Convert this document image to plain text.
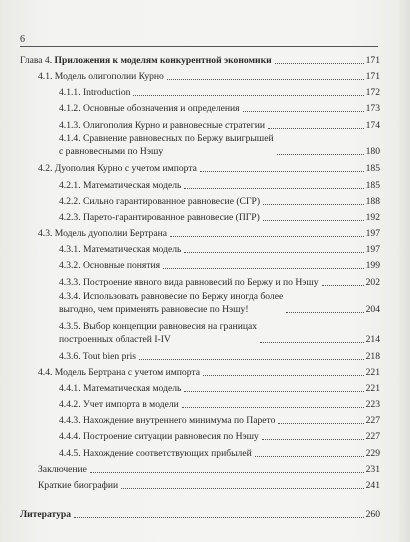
6
Глава 4.
Приложения к моделям конкурентной экономики	171
4.1. Модель олигополии Курно	171
4.1.1. Introduction	172
4.1.2. Основные обозначения и определения	173
4.1.3. Олигополия Курно и равновесные стратегии	174
4.1.4. Сравнение равновесных по Бержу выигрышей
с равновесными по Нэшу	180
4.2. Дуополия Курно с учетом импорта	185
4.2.1. Математическая модель	185
4.2.2. Сильно гарантированное равновесие (СГР)	188
4.2.3. Парето-гарантированное равновесие (ПГР)	192
4.3. Модель дуополии Бертрана	197
4.3.1. Математическая модель	197
4.3.2. Основные понятия	199
4.3.3. Построение явного вида равновесий по Бержу и по Нэшу	202
4.3.4. Использовать равновесие по Бержу иногда более
выгодно, чем применять равновесие по Нэшу!	204
4.3.5. Выбор концепции равновесия на границах
построенных областей I-IV	214
4.3.6. Tout bien pris	218
4.4. Модель Бертрана с учетом импорта	221
4.4.1. Математическая модель	221
4.4.2. Учет импорта в модели	223
4.4.3. Нахождение внутреннего минимума по Парето	227
4.4.4. Построение ситуации равновесия по Нэшу	227
4.4.5. Нахождение соответствующих прибылей	229
Заключение	231
Краткие биографии	241
Литература	260
